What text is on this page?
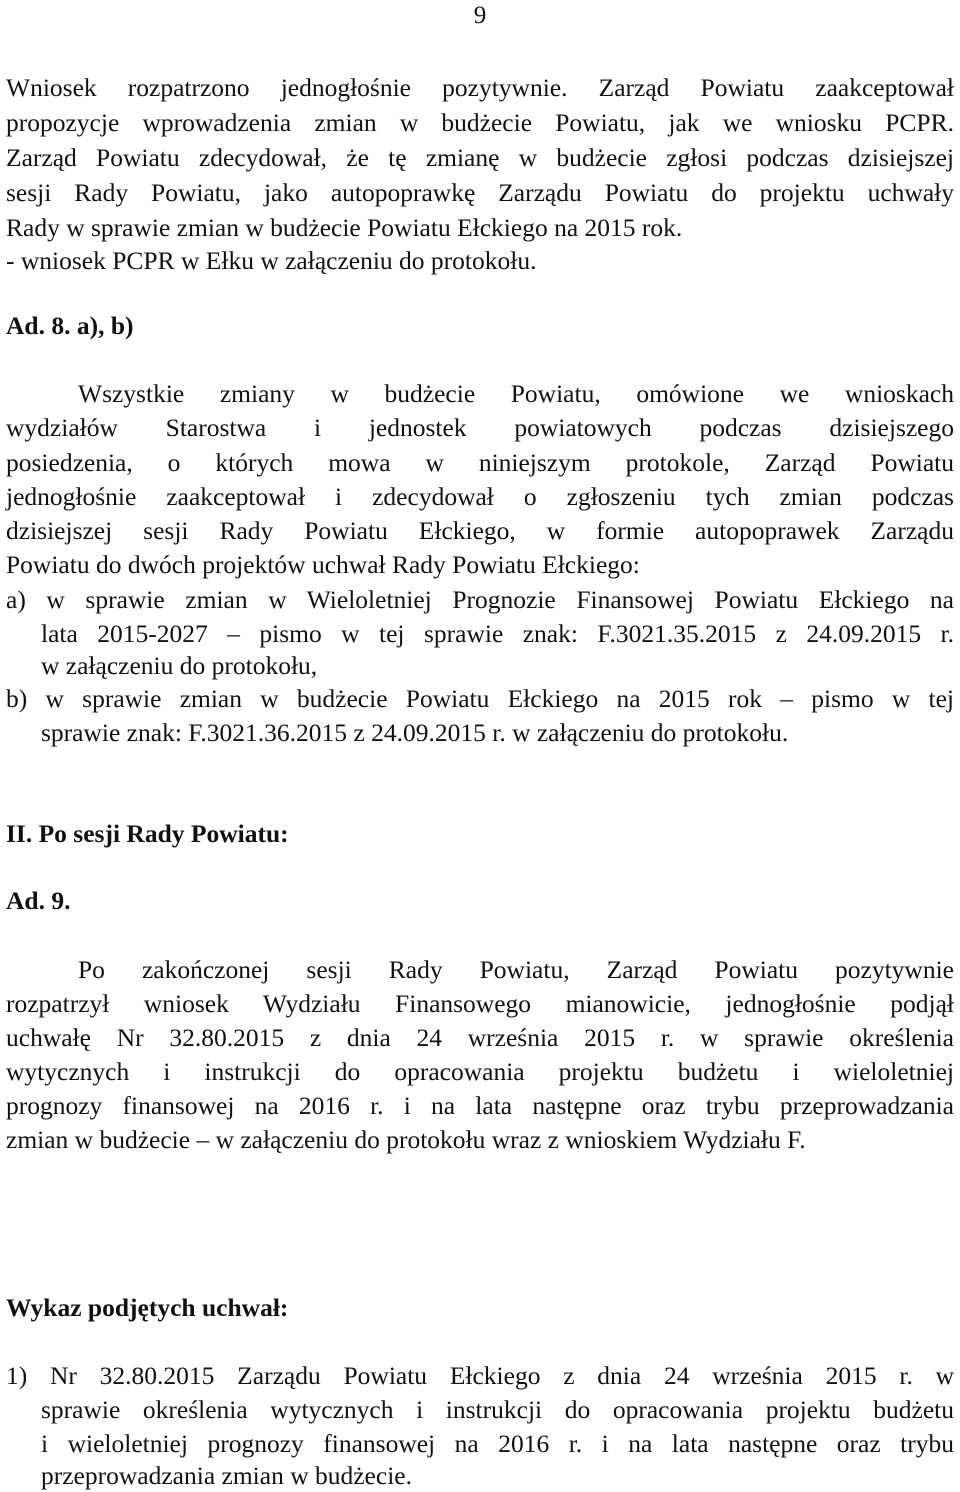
9
Wniosek rozpatrzono jednogłośnie pozytywnie. Zarząd Powiatu zaakceptował
propozycje wprowadzenia zmian w budżecie Powiatu, jak we wniosku PCPR.
Zarząd Powiatu zdecydował, że tę zmianę w budżecie zgłosi podczas dzisiejszej
sesji Rady Powiatu, jako autopoprawkę Zarządu Powiatu do projektu uchwały
Rady w sprawie zmian w budżecie Powiatu Ełckiego na 2015 rok.
- wniosek PCPR w Ełku w załączeniu do protokołu.
Ad. 8. a), b)
Wszystkie zmiany w budżecie Powiatu, omówione we wnioskach
wydziałów Starostwa i jednostek powiatowych podczas dzisiejszego
posiedzenia, o których mowa w niniejszym protokole, Zarząd Powiatu
jednogłośnie zaakceptował i zdecydował o zgłoszeniu tych zmian podczas
dzisiejszej sesji Rady Powiatu Ełckiego, w formie autopoprawek Zarządu
Powiatu do dwóch projektów uchwał Rady Powiatu Ełckiego:
a) w sprawie zmian w Wieloletniej Prognozie Finansowej Powiatu Ełckiego na
lata 2015-2027 – pismo w tej sprawie znak: F.3021.35.2015 z 24.09.2015 r.
w załączeniu do protokołu,
b) w sprawie zmian w budżecie Powiatu Ełckiego na 2015 rok – pismo w tej
sprawie znak: F.3021.36.2015 z 24.09.2015 r. w załączeniu do protokołu.
II. Po sesji Rady Powiatu:
Ad. 9.
Po zakończonej sesji Rady Powiatu, Zarząd Powiatu pozytywnie
rozpatrzył wniosek Wydziału Finansowego mianowicie, jednogłośnie podjął
uchwałę Nr 32.80.2015 z dnia 24 września 2015 r. w sprawie określenia
wytycznych i instrukcji do opracowania projektu budżetu i wieloletniej
prognozy finansowej na 2016 r. i na lata następne oraz trybu przeprowadzania
zmian w budżecie – w załączeniu do protokołu wraz z wnioskiem Wydziału F.
Wykaz podjętych uchwał:
1) Nr 32.80.2015 Zarządu Powiatu Ełckiego z dnia 24 września 2015 r. w
sprawie określenia wytycznych i instrukcji do opracowania projektu budżetu
i wieloletniej prognozy finansowej na 2016 r. i na lata następne oraz trybu
przeprowadzania zmian w budżecie.
